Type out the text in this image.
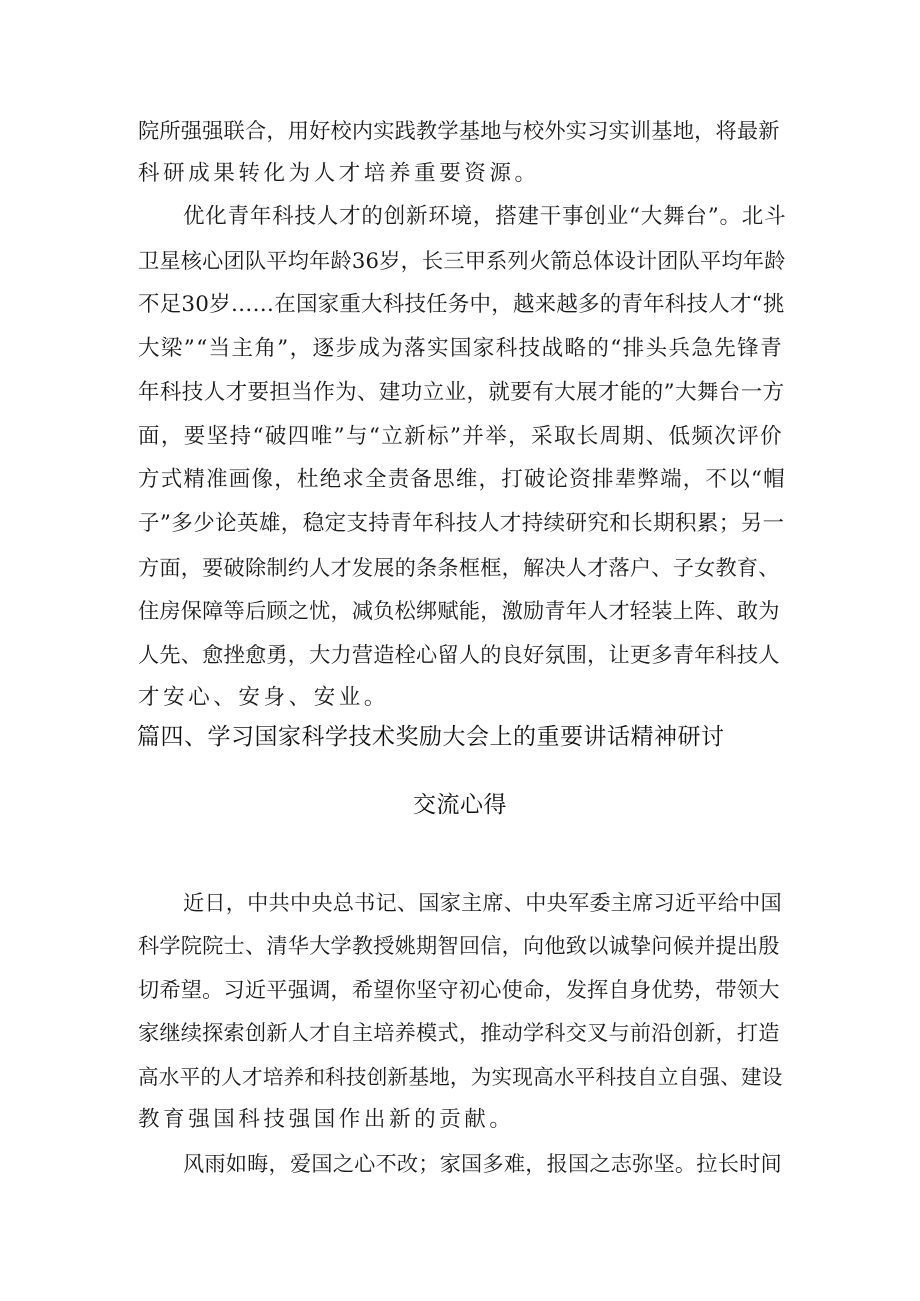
院所强强联合，用好校内实践教学基地与校外实习实训基地，将最新
科研成果转化为人才培养重要资源。
优化青年科技人才的创新环境，搭建干事创业“大舞台”。北斗
卫星核心团队平均年龄36岁，长三甲系列火箭总体设计团队平均年龄
不足30岁……在国家重大科技任务中，越来越多的青年科技人才“挑
大梁”“当主角”，逐步成为落实国家科技战略的“排头兵急先锋青
年科技人才要担当作为、建功立业，就要有大展才能的”大舞台一方
面，要坚持“破四唯”与“立新标”并举，采取长周期、低频次评价
方式精准画像，杜绝求全责备思维，打破论资排辈弊端，不以“帽
子”多少论英雄，稳定支持青年科技人才持续研究和长期积累；另一
方面，要破除制约人才发展的条条框框，解决人才落户、子女教育、
住房保障等后顾之忧，减负松绑赋能，激励青年人才轻装上阵、敢为
人先、愈挫愈勇，大力营造栓心留人的良好氛围，让更多青年科技人
才安心、安身、安业。
篇四、学习国家科学技术奖励大会上的重要讲话精神研讨
交流心得
近日，中共中央总书记、国家主席、中央军委主席习近平给中国
科学院院士、清华大学教授姚期智回信，向他致以诚挚问候并提出殷
切希望。习近平强调，希望你坚守初心使命，发挥自身优势，带领大
家继续探索创新人才自主培养模式，推动学科交叉与前沿创新，打造
高水平的人才培养和科技创新基地，为实现高水平科技自立自强、建设
教育强国科技强国作出新的贡献。
风雨如晦，爱国之心不改；家国多难，报国之志弥坚。拉长时间
